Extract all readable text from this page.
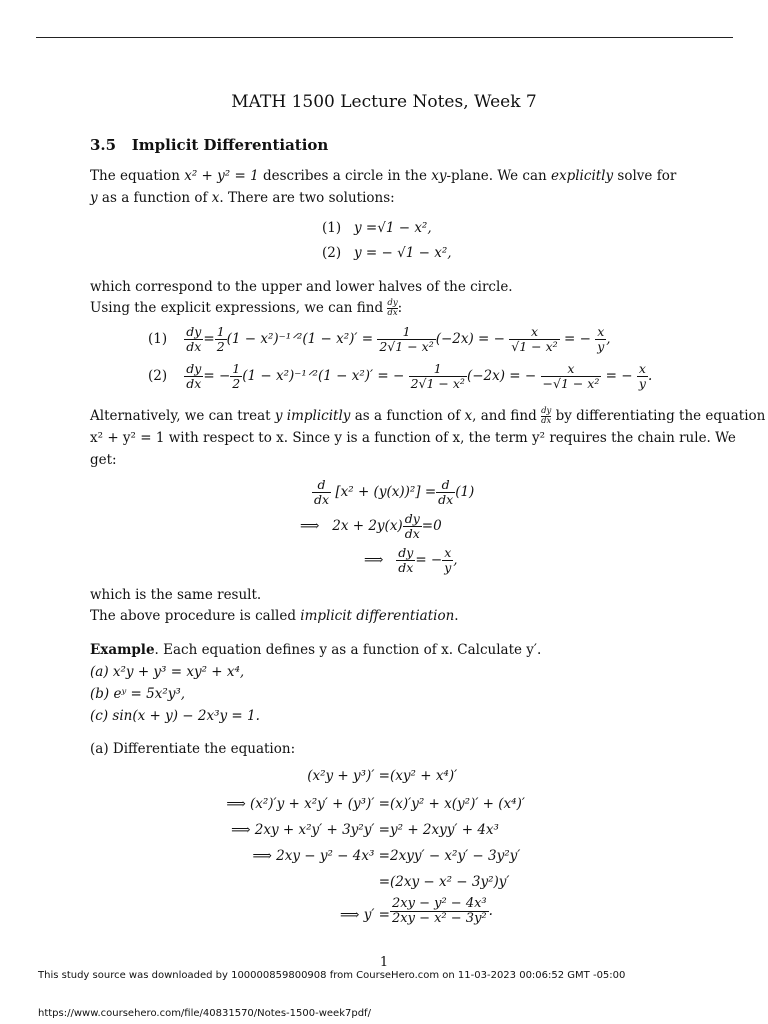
MATH 1500 Lecture Notes, Week 7
3.5 Implicit Differentiation
The equation x² + y² = 1 describes a circle in the xy-plane. We can explicitly solve for y as a function of x. There are two solutions:
(1) y =√1 − x²,
(2) y = − √1 − x²,
which correspond to the upper and lower halves of the circle.
Using the explicit expressions, we can find $\frac{dy}{dx}$:
$(1) \frac{dy}{dx} = \frac{1}{2} (1$ − x²)⁻¹ᐟ²(1 − $x^2)' = \frac{1}{\text{2√1 − x²}} (-2x)$ = − $\frac{x}{\text{√1 − x²}}$ = − $\frac{x}{y}$ ,
$(2) \frac{dy}{dx}$ = − $\frac{1}{2} (1$ − x²)⁻¹ᐟ²(1 − x²)′ = − $\frac{1}{\text{2√1 − x²}} (-2x)$ = − $\frac{x}{\text{−√1 − x²}}$ = − $\frac{x}{y}$ .
Alternatively, we can treat y implicitly as a function of x, and find $\frac{dy}{dx}$ by differentiating the equation
x² + y² = 1 with respect to x. Since y is a function of x, the term y² requires the chain rule. We
get:
$\frac{d}{dx} [x^2 + (y(x))^2] = \frac{d}{dx} (1)$
⟹ $2x + 2y(x) \frac{dy}{dx} =0$
⟹ $\frac{dy}{dx}$ = − $\frac{x}{y}$ ,
which is the same result.
The above procedure is called implicit differentiation.
Example. Each equation defines y as a function of x. Calculate y′.
(a) x²y + y³ = xy² + x⁴,
(b) eʸ = 5x²y³,
(c) sin(x + y) − 2x³y = 1.
(a) Differentiate the equation:
(x²y + y³)′ = (xy² + x⁴)′
⟹ (x²)′y + x²y′ + (y³)′ = (x)′y² + x(y²)′ + (x⁴)′
⟹ 2xy + x²y′ + 3y²y′ = y² + 2xyy′ + 4x³
⟹ 2xy − y² − 4x³ = 2xyy′ − x²y′ − 3y²y′
= (2xy − x² − 3y²)y′
⟹ $y' = \frac{\text{2xy − y² − 4x³}}{\text{2xy − x² − 3y²}}$ .
1
This study source was downloaded by 100000859800908 from CourseHero.com on 11-03-2023 00:06:52 GMT -05:00
https://www.coursehero.com/file/40831570/Notes-1500-week7pdf/
